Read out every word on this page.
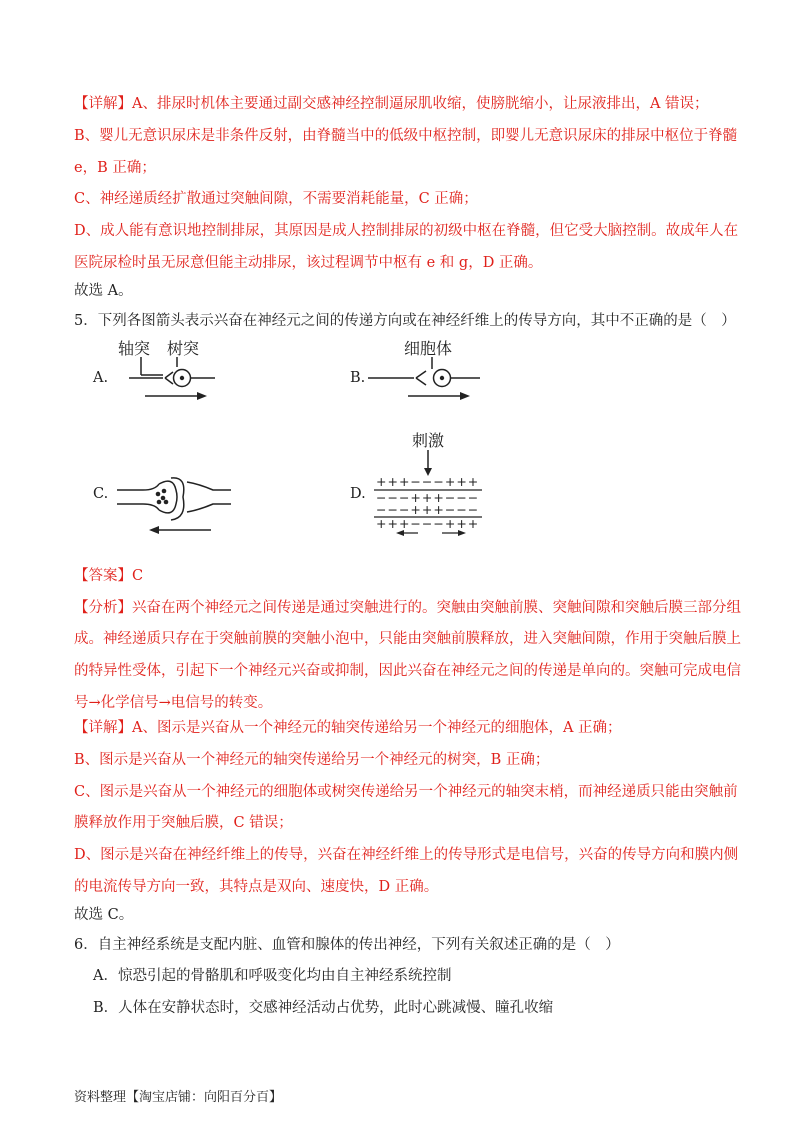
【详解】A、排尿时机体主要通过副交感神经控制逼尿肌收缩，使膀胱缩小，让尿液排出，A 错误；
B、婴儿无意识尿床是非条件反射，由脊髓当中的低级中枢控制，即婴儿无意识尿床的排尿中枢位于脊髓
e，B 正确；
C、神经递质经扩散通过突触间隙，不需要消耗能量，C 正确；
D、成人能有意识地控制排尿，其原因是成人控制排尿的初级中枢在脊髓，但它受大脑控制。故成年人在
医院尿检时虽无尿意但能主动排尿，该过程调节中枢有 e 和 g，D 正确。
故选 A。
5．下列各图箭头表示兴奋在神经元之间的传递方向或在神经纤维上的传导方向，其中不正确的是（　）
A.
轴突 树突
B.
细胞体
C.	D.
刺激
+++−−−+++
−−−+++−−−
−−−+++−−−
+++−−−+++
【答案】C
【分析】兴奋在两个神经元之间传递是通过突触进行的。突触由突触前膜、突触间隙和突触后膜三部分组
成。神经递质只存在于突触前膜的突触小泡中，只能由突触前膜释放，进入突触间隙，作用于突触后膜上
的特异性受体，引起下一个神经元兴奋或抑制，因此兴奋在神经元之间的传递是单向的。突触可完成电信
号→化学信号→电信号的转变。
【详解】A、图示是兴奋从一个神经元的轴突传递给另一个神经元的细胞体，A 正确；
B、图示是兴奋从一个神经元的轴突传递给另一个神经元的树突，B 正确；
C、图示是兴奋从一个神经元的细胞体或树突传递给另一个神经元的轴突末梢，而神经递质只能由突触前
膜释放作用于突触后膜，C 错误；
D、图示是兴奋在神经纤维上的传导，兴奋在神经纤维上的传导形式是电信号，兴奋的传导方向和膜内侧
的电流传导方向一致，其特点是双向、速度快，D 正确。
故选 C。
6．自主神经系统是支配内脏、血管和腺体的传出神经，下列有关叙述正确的是（　）
A．惊恐引起的骨骼肌和呼吸变化均由自主神经系统控制
B．人体在安静状态时，交感神经活动占优势，此时心跳减慢、瞳孔收缩
资料整理【淘宝店铺：向阳百分百】
